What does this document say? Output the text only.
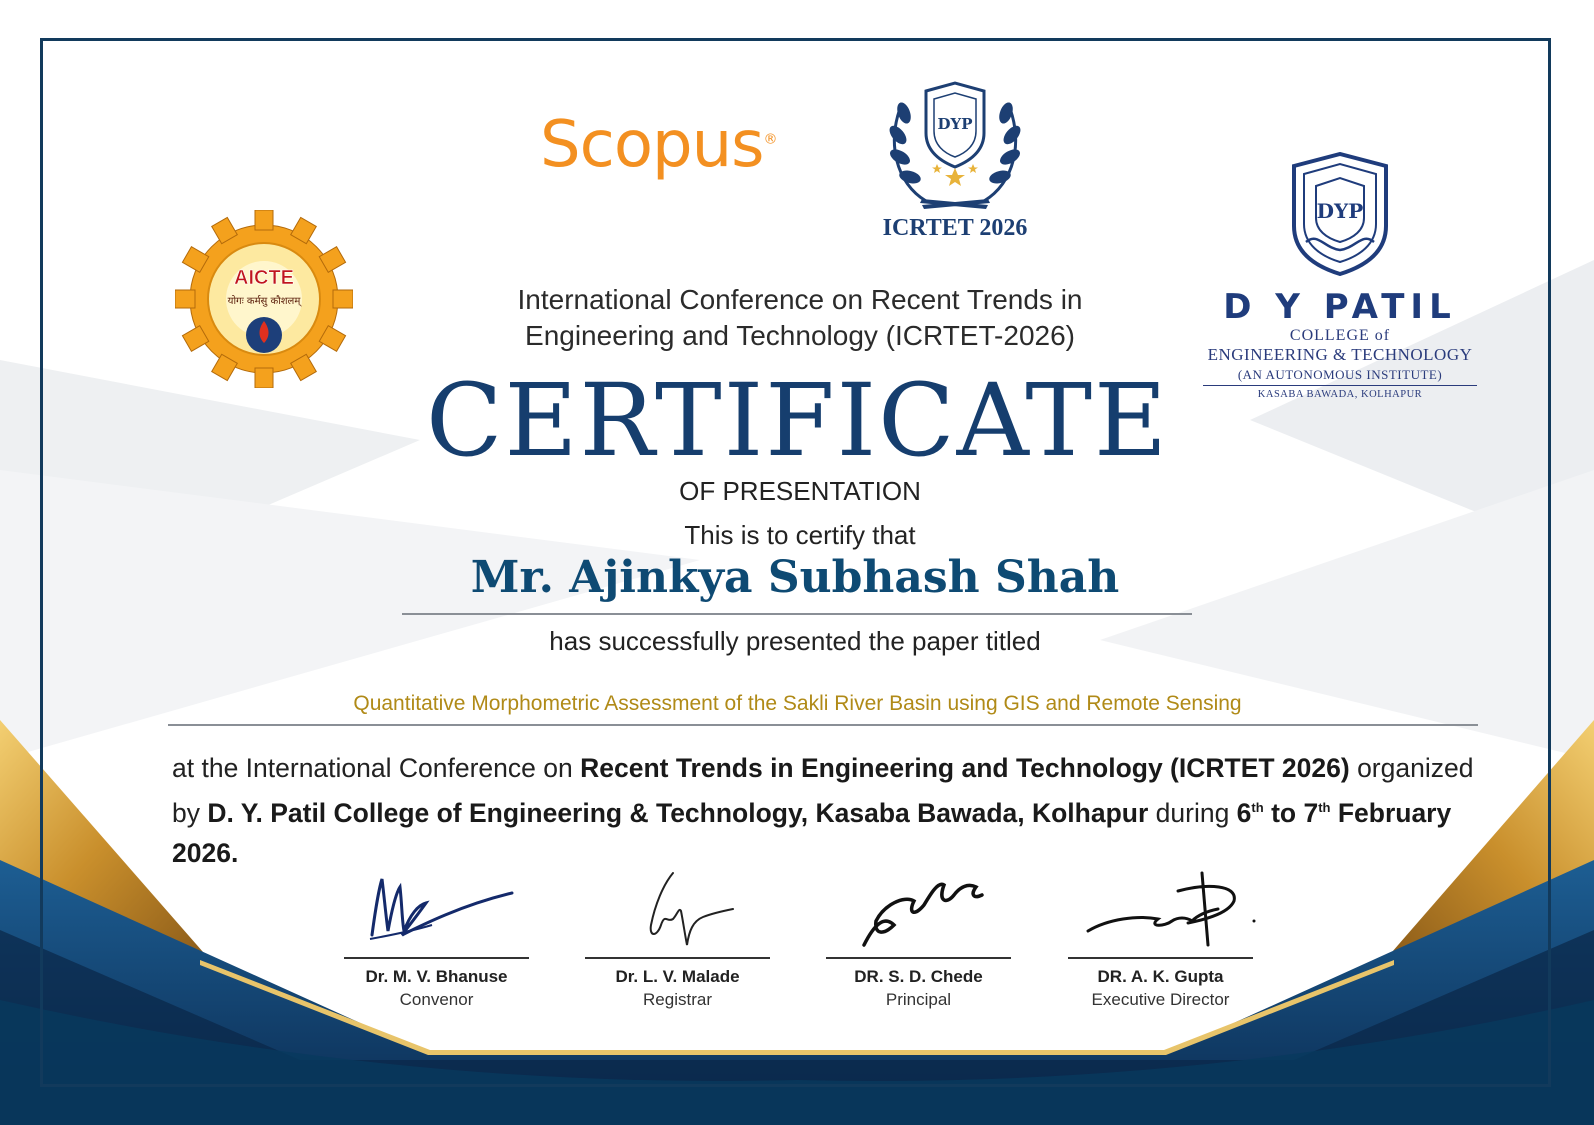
AICTE
योगः कर्मसु कौशलम्
Scopus®
DYP
ICRTET 2026
DYP
D Y PATIL
COLLEGE of
ENGINEERING & TECHNOLOGY
(AN AUTONOMOUS INSTITUTE)
KASABA BAWADA, KOLHAPUR
International Conference on Recent Trends in
Engineering and Technology (ICRTET-2026)
CERTIFICATE
OF PRESENTATION
This is to certify that
Mr. Ajinkya Subhash Shah
has successfully presented the paper titled
Quantitative Morphometric Assessment of the Sakli River Basin using GIS and Remote Sensing
at the International Conference on Recent Trends in Engineering and Technology (ICRTET 2026) organized
by D. Y. Patil College of Engineering & Technology, Kasaba Bawada, Kolhapur during 6th to 7th February 2026.
Dr. M. V. Bhanuse
Convenor
Dr. L. V. Malade
Registrar
DR. S. D. Chede
Principal
DR. A. K. Gupta
Executive Director
